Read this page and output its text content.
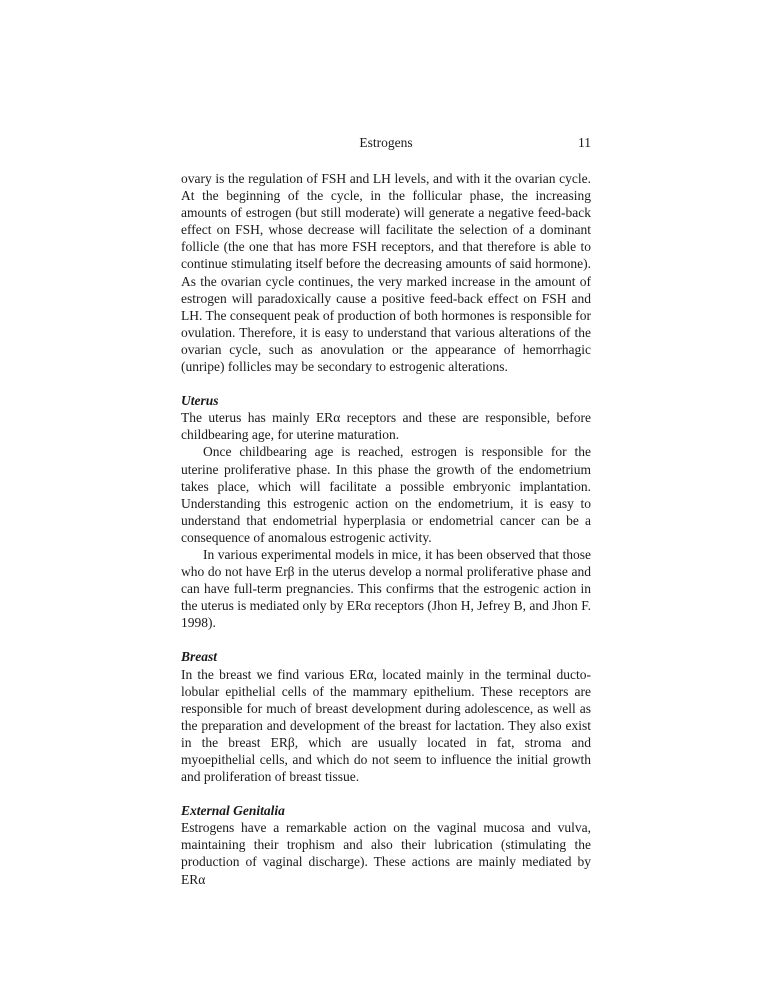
Estrogens	11

ovary is the regulation of FSH and LH levels, and with it the ovarian cycle. At the beginning of the cycle, in the follicular phase, the increasing amounts of estrogen (but still moderate) will generate a negative feed-back effect on FSH, whose decrease will facilitate the selection of a dominant follicle (the one that has more FSH receptors, and that therefore is able to continue stimulating itself before the decreasing amounts of said hormone). As the ovarian cycle continues, the very marked increase in the amount of estrogen will paradoxically cause a positive feed-back effect on FSH and LH. The consequent peak of production of both hormones is responsible for ovulation. Therefore, it is easy to understand that various alterations of the ovarian cycle, such as anovulation or the appearance of hemorrhagic (unripe) follicles may be secondary to estrogenic alterations.

Uterus

The uterus has mainly ERα receptors and these are responsible, before childbearing age, for uterine maturation.

Once childbearing age is reached, estrogen is responsible for the uterine proliferative phase. In this phase the growth of the endometrium takes place, which will facilitate a possible embryonic implantation. Understanding this estrogenic action on the endometrium, it is easy to understand that endometrial hyperplasia or endometrial cancer can be a consequence of anomalous estrogenic activity.

In various experimental models in mice, it has been observed that those who do not have Erβ in the uterus develop a normal proliferative phase and can have full-term pregnancies. This confirms that the estrogenic action in the uterus is mediated only by ERα receptors (Jhon H, Jefrey B, and Jhon F. 1998).

Breast

In the breast we find various ERα, located mainly in the terminal ducto-lobular epithelial cells of the mammary epithelium. These receptors are responsible for much of breast development during adolescence, as well as the preparation and development of the breast for lactation. They also exist in the breast ERβ, which are usually located in fat, stroma and myoepithelial cells, and which do not seem to influence the initial growth and proliferation of breast tissue.

External Genitalia

Estrogens have a remarkable action on the vaginal mucosa and vulva, maintaining their trophism and also their lubrication (stimulating the production of vaginal discharge). These actions are mainly mediated by ERα
